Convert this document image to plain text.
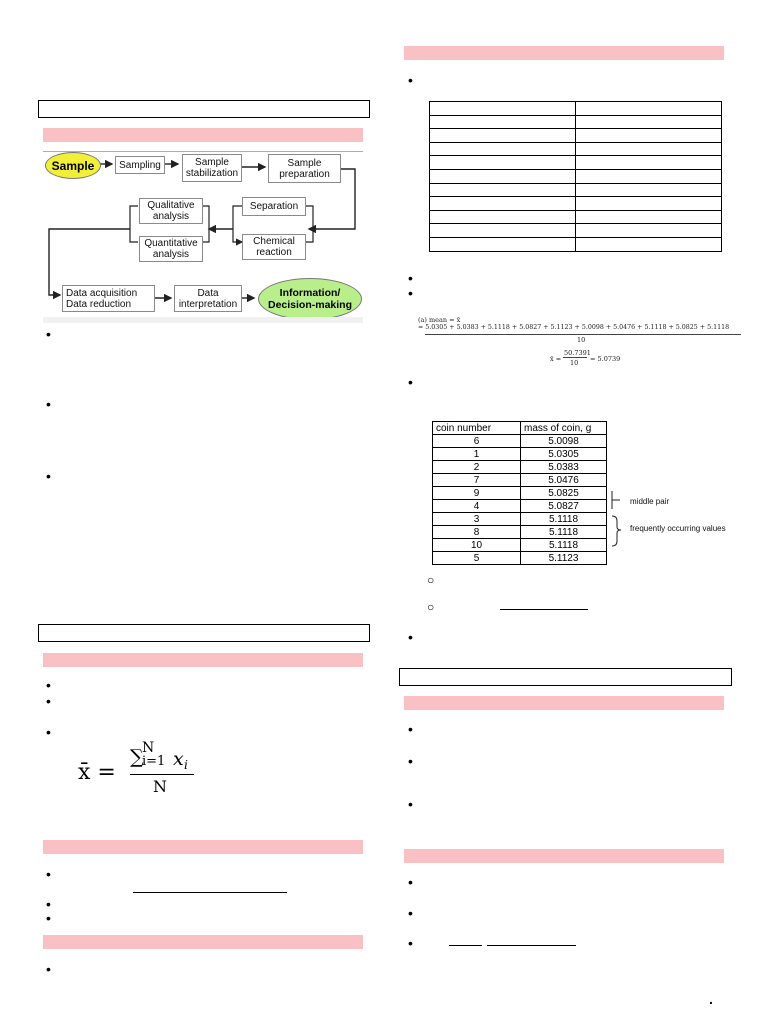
Sample Sampling	Sample stabilization
Sample preparation
Qualitative analysis
Quantitative analysis
Separation
Chemical reaction
Data acquisition Data reduction
Data interpretation
Information/ Decision-making
•
•
•
•
•
•
x̄ =
∑
N
i=1 x i
N
•
•
•
•
•

•
•
(a) mean = x̄
= 5.0305 + 5.0383 + 5.1118 + 5.0827 + 5.1123 + 5.0098 + 5.0476 + 5.1118 + 5.0825 + 5.1118
10
x̄ =
50.7391
10 = 5.0739
•
coin number	mass of coin, g
6	5.0098
1	5.0305
2	5.0383
7	5.0476
9	5.0825
4	5.0827
3	5.1118
8	5.1118
10	5.1118
5	5.1123
middle pair
frequently occurring values
○
○
•
•
•
•
•
•
•
.
